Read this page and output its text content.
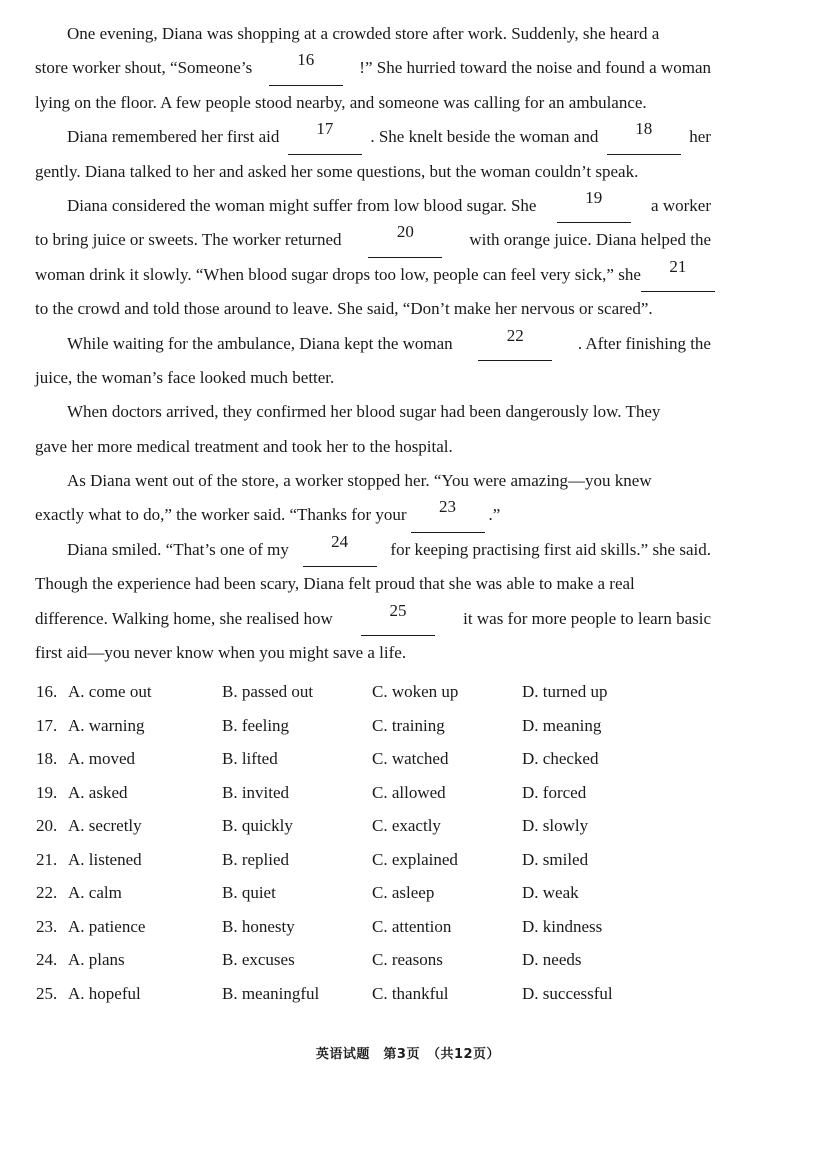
One evening, Diana was shopping at a crowded store after work. Suddenly, she heard a
store worker shout, “Someone’s	16	!” She hurried toward the noise and found a woman
lying on the floor. A few people stood nearby, and someone was calling for an ambulance.
Diana remembered her first aid	17	. She knelt beside the woman and	18	her
gently. Diana talked to her and asked her some questions, but the woman couldn’t speak.
Diana considered the woman might suffer from low blood sugar. She	19	a worker
to bring juice or sweets. The worker returned	20	with orange juice. Diana helped the
woman drink it slowly. “When blood sugar drops too low, people can feel very sick,” she	21
to the crowd and told those around to leave. She said, “Don’t make her nervous or scared”.
While waiting for the ambulance, Diana kept the woman	22	. After finishing the
juice, the woman’s face looked much better.
When doctors arrived, they confirmed her blood sugar had been dangerously low. They
gave her more medical treatment and took her to the hospital.
As Diana went out of the store, a worker stopped her. “You were amazing—you knew
exactly what to do,” the worker said. “Thanks for your	23	.”
Diana smiled. “That’s one of my	24	for keeping practising first aid skills.” she said.
Though the experience had been scary, Diana felt proud that she was able to make a real
difference. Walking home, she realised how	25	it was for more people to learn basic
first aid—you never know when you might save a life.
16. A. come out	B. passed out	C. woken up	D. turned up
17. A. warning	B. feeling	C. training	D. meaning
18. A. moved	B. lifted	C. watched	D. checked
19. A. asked	B. invited	C. allowed	D. forced
20. A. secretly	B. quickly	C. exactly	D. slowly
21. A. listened	B. replied	C. explained	D. smiled
22. A. calm	B. quiet	C. asleep	D. weak
23. A. patience	B. honesty	C. attention	D. kindness
24. A. plans	B. excuses	C. reasons	D. needs
25. A. hopeful	B. meaningful	C. thankful	D. successful
英语试题　第3页　（共12页）
